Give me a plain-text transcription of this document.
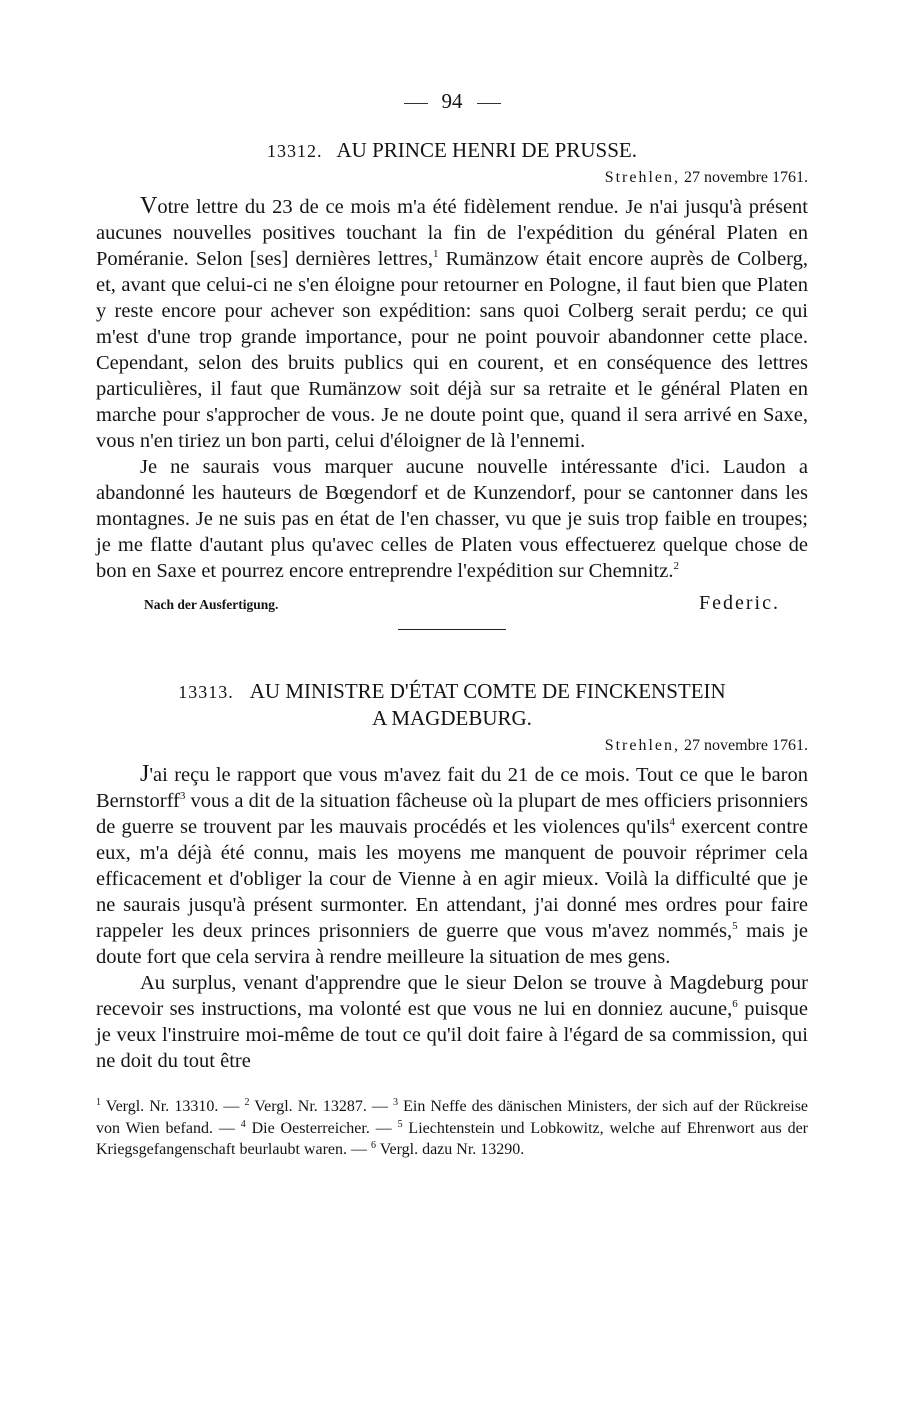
94
13312. AU PRINCE HENRI DE PRUSSE.
Strehlen, 27 novembre 1761.

Votre lettre du 23 de ce mois m'a été fidèlement rendue. Je n'ai jusqu'à présent aucunes nouvelles positives touchant la fin de l'expédition du général Platen en Poméranie. Selon [ses] dernières lettres,$^1$ Rumänzow était encore auprès de Colberg, et, avant que celui-ci ne s'en éloigne pour retourner en Pologne, il faut bien que Platen y reste encore pour achever son expédition: sans quoi Colberg serait perdu; ce qui m'est d'une trop grande importance, pour ne point pouvoir abandonner cette place. Cependant, selon des bruits publics qui en courent, et en conséquence des lettres particulières, il faut que Rumänzow soit déjà sur sa retraite et le général Platen en marche pour s'approcher de vous. Je ne doute point que, quand il sera arrivé en Saxe, vous n'en tiriez un bon parti, celui d'éloigner de là l'ennemi.

Je ne saurais vous marquer aucune nouvelle intéressante d'ici. Laudon a abandonné les hauteurs de Bœgendorf et de Kunzendorf, pour se cantonner dans les montagnes. Je ne suis pas en état de l'en chasser, vu que je suis trop faible en troupes; je me flatte d'autant plus qu'avec celles de Platen vous effectuerez quelque chose de bon en Saxe et pourrez encore entreprendre l'expédition sur Chemnitz.$^2$

Nach der Ausfertigung.	Federic.
13313. AU MINISTRE D'ÉTAT COMTE DE FINCKENSTEIN
A MAGDEBURG.
Strehlen, 27 novembre 1761.

J'ai reçu le rapport que vous m'avez fait du 21 de ce mois. Tout ce que le baron Bernstorff$^3$ vous a dit de la situation fâcheuse où la plupart de mes officiers prisonniers de guerre se trouvent par les mauvais procédés et les violences qu'ils$^4$ exercent contre eux, m'a déjà été connu, mais les moyens me manquent de pouvoir réprimer cela efficacement et d'obliger la cour de Vienne à en agir mieux. Voilà la difficulté que je ne saurais jusqu'à présent surmonter. En attendant, j'ai donné mes ordres pour faire rappeler les deux princes prisonniers de guerre que vous m'avez nommés,$^5$ mais je doute fort que cela servira à rendre meilleure la situation de mes gens.

Au surplus, venant d'apprendre que le sieur Delon se trouve à Magdeburg pour recevoir ses instructions, ma volonté est que vous ne lui en donniez aucune,$^6$ puisque je veux l'instruire moi-même de tout ce qu'il doit faire à l'égard de sa commission, qui ne doit du tout être

$^1$ Vergl. Nr. 13310. — $^2$ Vergl. Nr. 13287. — $^3$ Ein Neffe des dänischen Ministers, der sich auf der Rückreise von Wien befand. — $^4$ Die Oesterreicher. — $^5$ Liechtenstein und Lobkowitz, welche auf Ehrenwort aus der Kriegsgefangenschaft beurlaubt waren. — $^6$ Vergl. dazu Nr. 13290.
